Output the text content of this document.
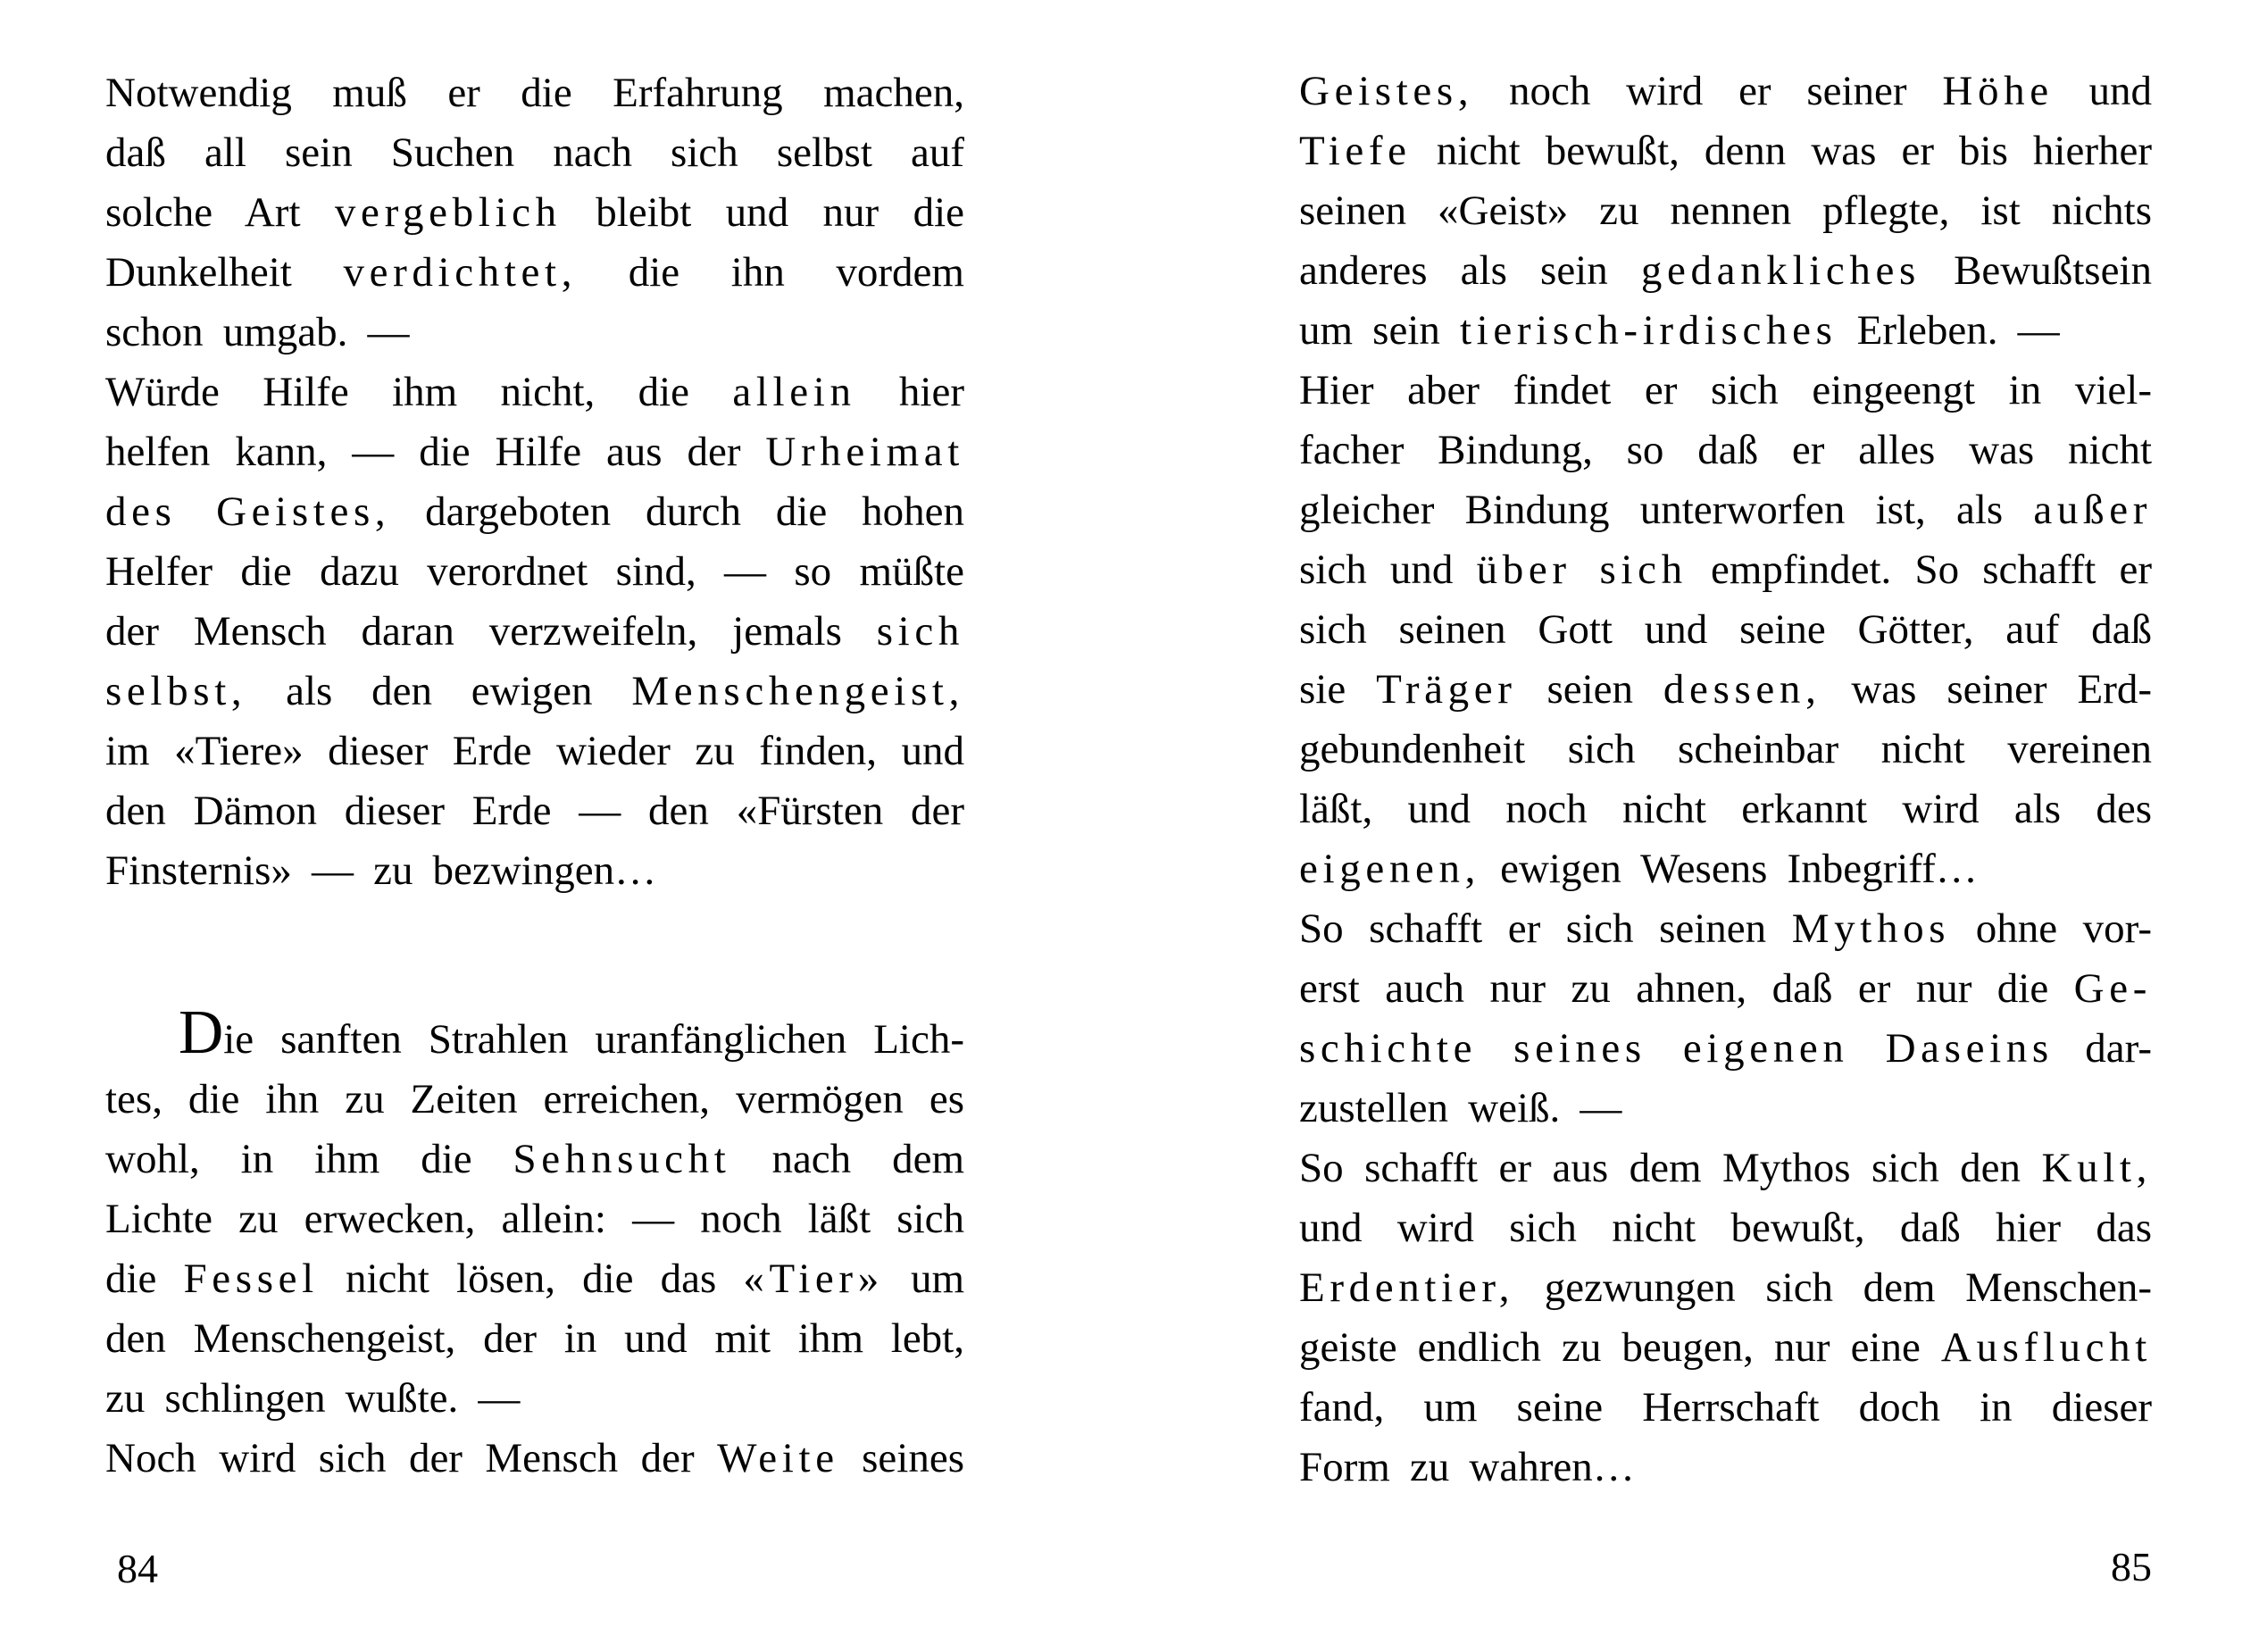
Notwendig muß er die Erfahrung machen,
daß all sein Suchen nach sich selbst auf
solche Art vergeblich bleibt und nur die
Dunkelheit verdichtet, die ihn vordem
schon umgab. —
Würde Hilfe ihm nicht, die allein hier
helfen kann, — die Hilfe aus der Urheimat
des Geistes, dargeboten durch die hohen
Helfer die dazu verordnet sind, — so müßte
der Mensch daran verzweifeln, jemals sich
selbst, als den ewigen Menschengeist,
im «Tiere» dieser Erde wieder zu finden, und
den Dämon dieser Erde — den «Fürsten der
Finsternis» — zu bezwingen…
Die sanften Strahlen uranfänglichen Lich-
tes, die ihn zu Zeiten erreichen, vermögen es
wohl, in ihm die Sehnsucht nach dem
Lichte zu erwecken, allein: — noch läßt sich
die Fessel nicht lösen, die das «Tier» um
den Menschengeist, der in und mit ihm lebt,
zu schlingen wußte. —
Noch wird sich der Mensch der Weite seines
84
Geistes, noch wird er seiner Höhe und
Tiefe nicht bewußt, denn was er bis hierher
seinen «Geist» zu nennen pflegte, ist nichts
anderes als sein gedankliches Bewußtsein
um sein tierisch-irdisches Erleben. —
Hier aber findet er sich eingeengt in viel-
facher Bindung, so daß er alles was nicht
gleicher Bindung unterworfen ist, als außer
sich und über sich empfindet. So schafft er
sich seinen Gott und seine Götter, auf daß
sie Träger seien dessen, was seiner Erd-
gebundenheit sich scheinbar nicht vereinen
läßt, und noch nicht erkannt wird als des
eigenen, ewigen Wesens Inbegriff…
So schafft er sich seinen Mythos ohne vor-
erst auch nur zu ahnen, daß er nur die Ge-
schichte seines eigenen Daseins dar-
zustellen weiß. —
So schafft er aus dem Mythos sich den Kult,
und wird sich nicht bewußt, daß hier das
Erdentier, gezwungen sich dem Menschen-
geiste endlich zu beugen, nur eine Ausflucht
fand, um seine Herrschaft doch in dieser
Form zu wahren…
85
